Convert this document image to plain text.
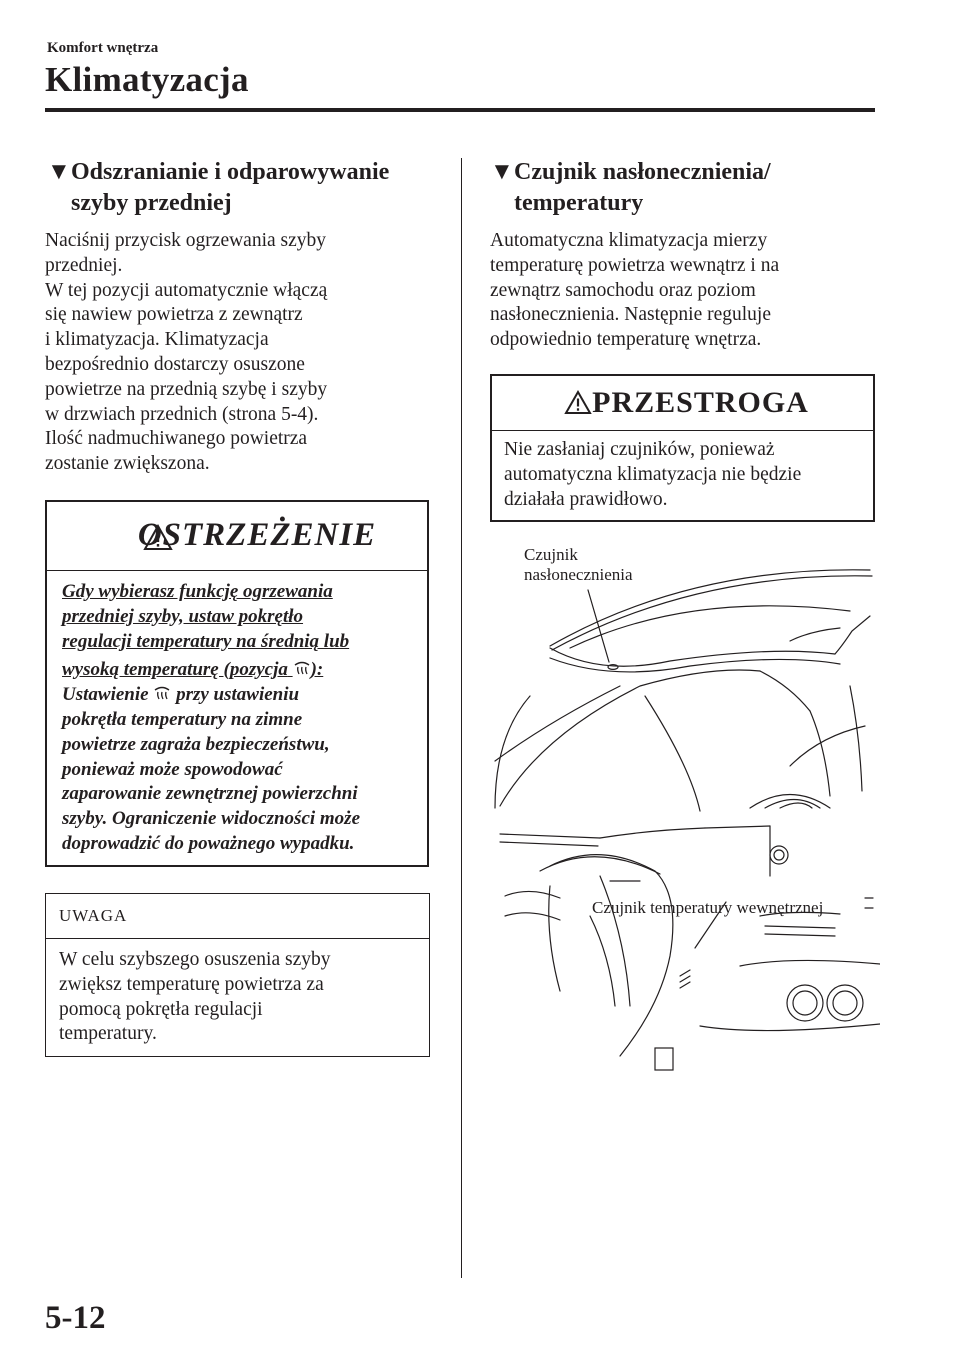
Komfort wnętrza
Klimatyzacja
▼Odszranianie i odparowywanie
szyby przedniej
Naciśnij przycisk ogrzewania szyby
przedniej.
W tej pozycji automatycznie włączą
się nawiew powietrza z zewnątrz
i klimatyzacja. Klimatyzacja
bezpośrednio dostarczy osuszone
powietrze na przednią szybę i szyby
w drzwiach przednich (strona 5-4).
Ilość nadmuchiwanego powietrza
zostanie zwiększona.
OSTRZEŻENIE
Gdy wybierasz funkcję ogrzewania
przedniej szyby, ustaw pokrętło
regulacji temperatury na średnią lub
wysoką temperaturę (pozycja ):
Ustawienie przy ustawieniu
pokrętła temperatury na zimne
powietrze zagraża bezpieczeństwu,
ponieważ może spowodować
zaparowanie zewnętrznej powierzchni
szyby. Ograniczenie widoczności może
doprowadzić do poważnego wypadku.
UWAGA
W celu szybszego osuszenia szyby
zwiększ temperaturę powietrza za
pomocą pokrętła regulacji
temperatury.
▼Czujnik nasłonecznienia/
temperatury
Automatyczna klimatyzacja mierzy
temperaturę powietrza wewnątrz i na
zewnątrz samochodu oraz poziom
nasłonecznienia. Następnie reguluje
odpowiednio temperaturę wnętrza.
PRZESTROGA
Nie zasłaniaj czujników, ponieważ
automatyczna klimatyzacja nie będzie
działała prawidłowo.
Czujnik
nasłonecznienia
Czujnik temperatury wewnętrznej
5-12
